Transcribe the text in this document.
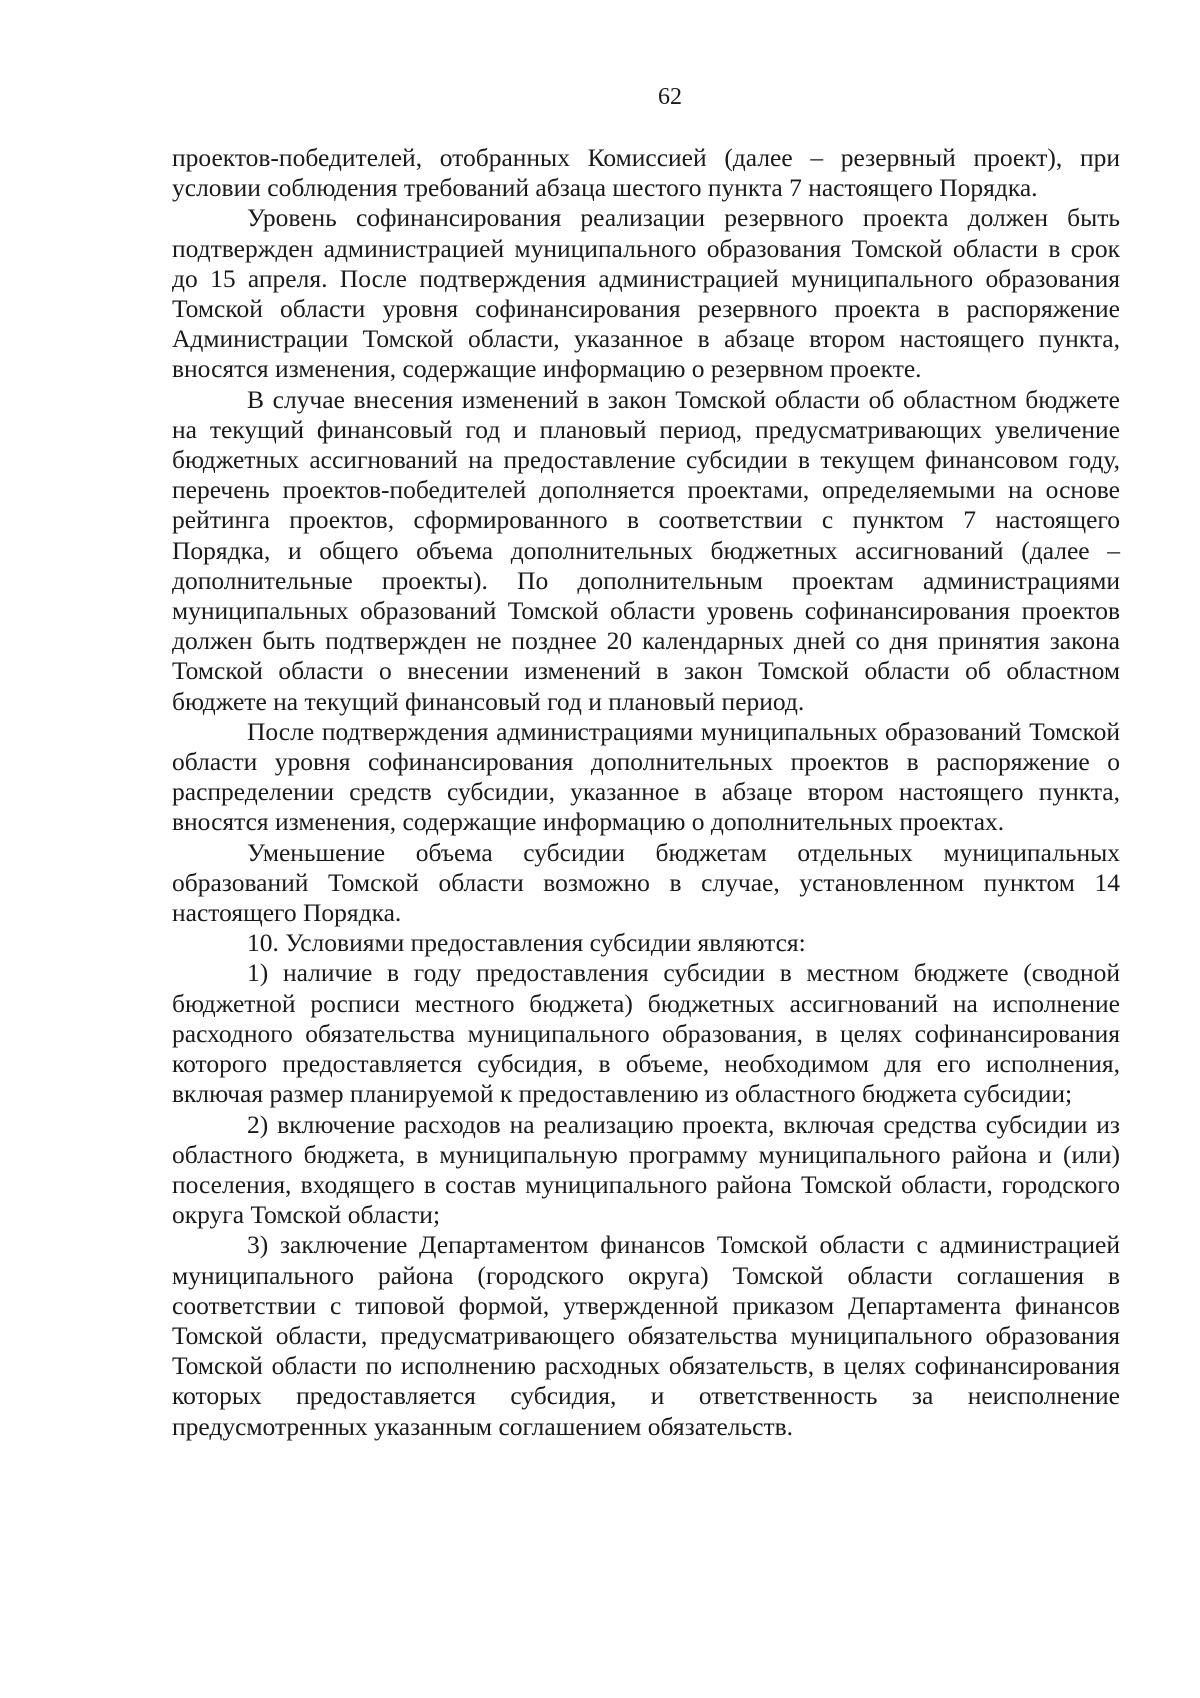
62

проектов-победителей, отобранных Комиссией (далее – резервный проект), при условии соблюдения требований абзаца шестого пункта 7 настоящего Порядка.

Уровень софинансирования реализации резервного проекта должен быть подтвержден администрацией муниципального образования Томской области в срок до 15 апреля. После подтверждения администрацией муниципального образования Томской области уровня софинансирования резервного проекта в распоряжение Администрации Томской области, указанное в абзаце втором настоящего пункта, вносятся изменения, содержащие информацию о резервном проекте.

В случае внесения изменений в закон Томской области об областном бюджете на текущий финансовый год и плановый период, предусматривающих увеличение бюджетных ассигнований на предоставление субсидии в текущем финансовом году, перечень проектов-победителей дополняется проектами, определяемыми на основе рейтинга проектов, сформированного в соответствии с пунктом 7 настоящего Порядка, и общего объема дополнительных бюджетных ассигнований (далее – дополнительные проекты). По дополнительным проектам администрациями муниципальных образований Томской области уровень софинансирования проектов должен быть подтвержден не позднее 20 календарных дней со дня принятия закона Томской области о внесении изменений в закон Томской области об областном бюджете на текущий финансовый год и плановый период.

После подтверждения администрациями муниципальных образований Томской области уровня софинансирования дополнительных проектов в распоряжение о распределении средств субсидии, указанное в абзаце втором настоящего пункта, вносятся изменения, содержащие информацию о дополнительных проектах.

Уменьшение объема субсидии бюджетам отдельных муниципальных образований Томской области возможно в случае, установленном пунктом 14 настоящего Порядка.

10. Условиями предоставления субсидии являются:

1) наличие в году предоставления субсидии в местном бюджете (сводной бюджетной росписи местного бюджета) бюджетных ассигнований на исполнение расходного обязательства муниципального образования, в целях софинансирования которого предоставляется субсидия, в объеме, необходимом для его исполнения, включая размер планируемой к предоставлению из областного бюджета субсидии;

2) включение расходов на реализацию проекта, включая средства субсидии из областного бюджета, в муниципальную программу муниципального района и (или) поселения, входящего в состав муниципального района Томской области, городского округа Томской области;

3) заключение Департаментом финансов Томской области с администрацией муниципального района (городского округа) Томской области соглашения в соответствии с типовой формой, утвержденной приказом Департамента финансов Томской области, предусматривающего обязательства муниципального образования Томской области по исполнению расходных обязательств, в целях софинансирования которых предоставляется субсидия, и ответственность за неисполнение предусмотренных указанным соглашением обязательств.
